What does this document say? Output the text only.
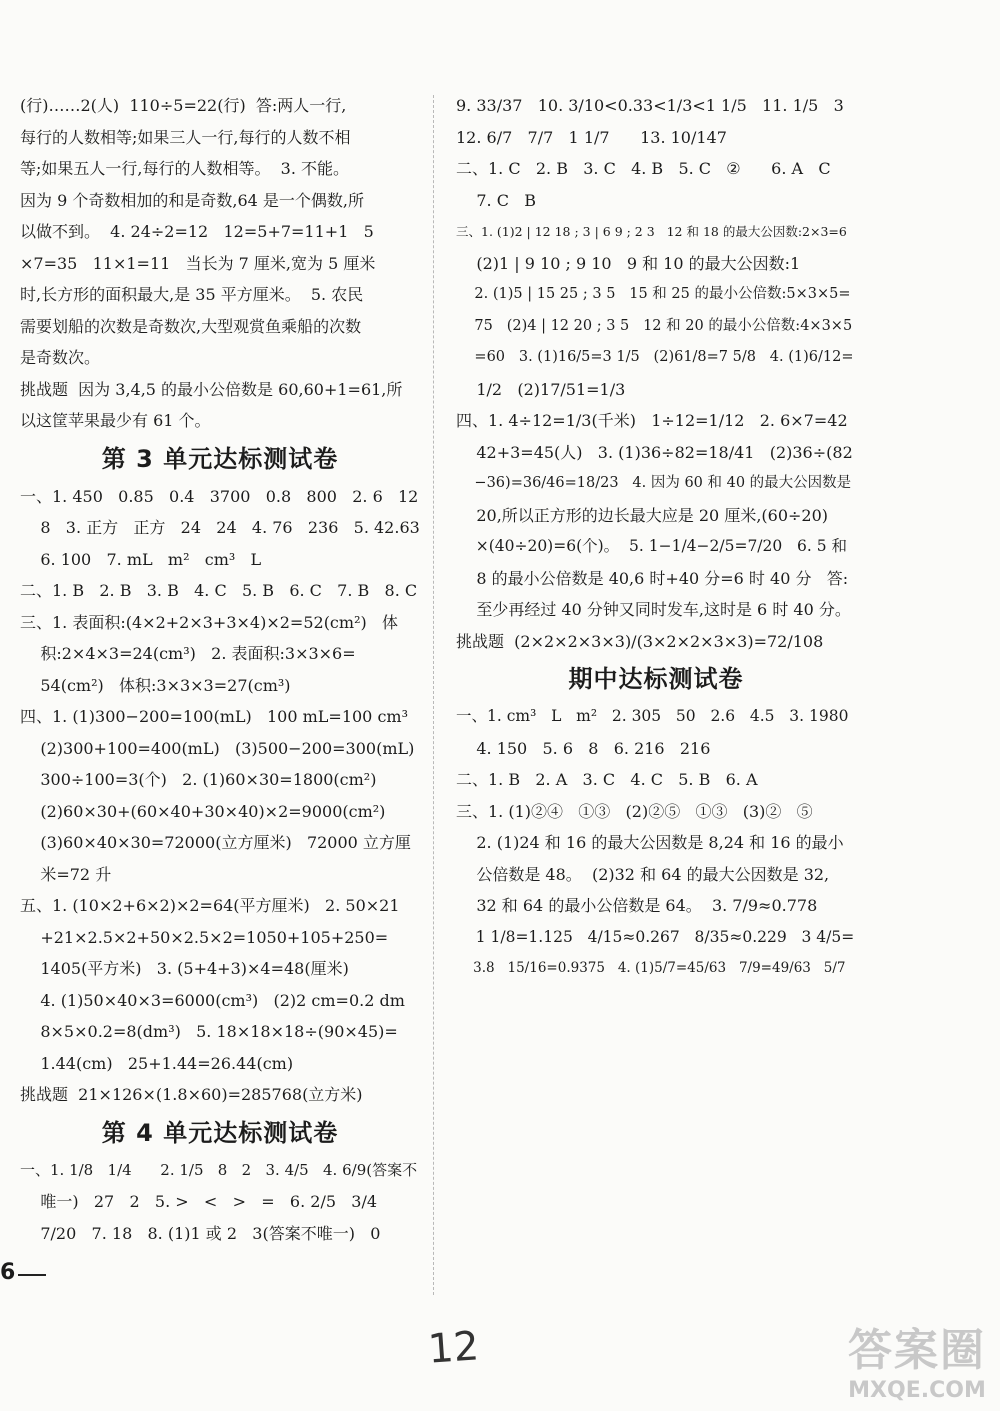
(行)……2(人)  110÷5=22(行)  答:两人一行,
每行的人数相等;如果三人一行,每行的人数不相
等;如果五人一行,每行的人数相等。  3. 不能。
因为 9 个奇数相加的和是奇数,64 是一个偶数,所
以做不到。  4. 24÷2=12   12=5+7=11+1   5
×7=35   11×1=11   当长为 7 厘米,宽为 5 厘米
时,长方形的面积最大,是 35 平方厘米。  5. 农民
需要划船的次数是奇数次,大型观赏鱼乘船的次数
是奇数次。
挑战题  因为 3,4,5 的最小公倍数是 60,60+1=61,所
以这筐苹果最少有 61 个。
第 3 单元达标测试卷
一、1. 450   0.85   0.4   3700   0.8   800   2. 6   12
8   3. 正方   正方   24   24   4. 76   236   5. 42.63
6. 100   7. mL   m²   cm³   L
二、1. B   2. B   3. B   4. C   5. B   6. C   7. B   8. C
三、1. 表面积:(4×2+2×3+3×4)×2=52(cm²)   体
积:2×4×3=24(cm³)   2. 表面积:3×3×6=
54(cm²)   体积:3×3×3=27(cm³)
四、1. (1)300−200=100(mL)   100 mL=100 cm³
(2)300+100=400(mL)   (3)500−200=300(mL)
300÷100=3(个)   2. (1)60×30=1800(cm²)
(2)60×30+(60×40+30×40)×2=9000(cm²)
(3)60×40×30=72000(立方厘米)   72000 立方厘
米=72 升
五、1. (10×2+6×2)×2=64(平方厘米)   2. 50×21
+21×2.5×2+50×2.5×2=1050+105+250=
1405(平方米)   3. (5+4+3)×4=48(厘米)
4. (1)50×40×3=6000(cm³)   (2)2 cm=0.2 dm
8×5×0.2=8(dm³)   5. 18×18×18÷(90×45)=
1.44(cm)   25+1.44=26.44(cm)
挑战题  21×126×(1.8×60)=285768(立方米)
第 4 单元达标测试卷
一、1. 1/8   1/4      2. 1/5   8   2   3. 4/5   4. 6/9(答案不
唯一)   27   2   5. >   <   >   =   6. 2/5   3/4
7/20   7. 18   8. (1)1 或 2   3(答案不唯一)   0
9. 33/37   10. 3/10<0.33<1/3<1 1/5   11. 1/5   3
12. 6/7   7/7   1 1/7      13. 10/147
二、1. C   2. B   3. C   4. B   5. C   ②      6. A   C
7. C   B
三、1. (1)2 | 12 18 ; 3 | 6 9 ; 2 3   12 和 18 的最大公因数:2×3=6
(2)1 | 9 10 ; 9 10   9 和 10 的最大公因数:1
2. (1)5 | 15 25 ; 3 5   15 和 25 的最小公倍数:5×3×5=
75   (2)4 | 12 20 ; 3 5   12 和 20 的最小公倍数:4×3×5
=60   3. (1)16/5=3 1/5   (2)61/8=7 5/8   4. (1)6/12=
1/2   (2)17/51=1/3
四、1. 4÷12=1/3(千米)   1÷12=1/12   2. 6×7=42
42+3=45(人)   3. (1)36÷82=18/41   (2)36÷(82
−36)=36/46=18/23   4. 因为 60 和 40 的最大公因数是
20,所以正方形的边长最大应是 20 厘米,(60÷20)
×(40÷20)=6(个)。  5. 1−1/4−2/5=7/20   6. 5 和
8 的最小公倍数是 40,6 时+40 分=6 时 40 分   答:
至少再经过 40 分钟又同时发车,这时是 6 时 40 分。
挑战题  (2×2×2×3×3)/(3×2×2×3×3)=72/108
期中达标测试卷
一、1. cm³   L   m²   2. 305   50   2.6   4.5   3. 1980
4. 150   5. 6   8   6. 216   216
二、1. B   2. A   3. C   4. C   5. B   6. A
三、1. (1)②④   ①③   (2)②⑤   ①③   (3)②   ⑤
2. (1)24 和 16 的最大公因数是 8,24 和 16 的最小
公倍数是 48。  (2)32 和 64 的最大公因数是 32,
32 和 64 的最小公倍数是 64。  3. 7/9≈0.778
1 1/8=1.125   4/15≈0.267   8/35≈0.229   3 4/5=
3.8   15/16=0.9375   4. (1)5/7=45/63   7/9=49/63   5/7
6
12	答案圈
MXQE.COM
